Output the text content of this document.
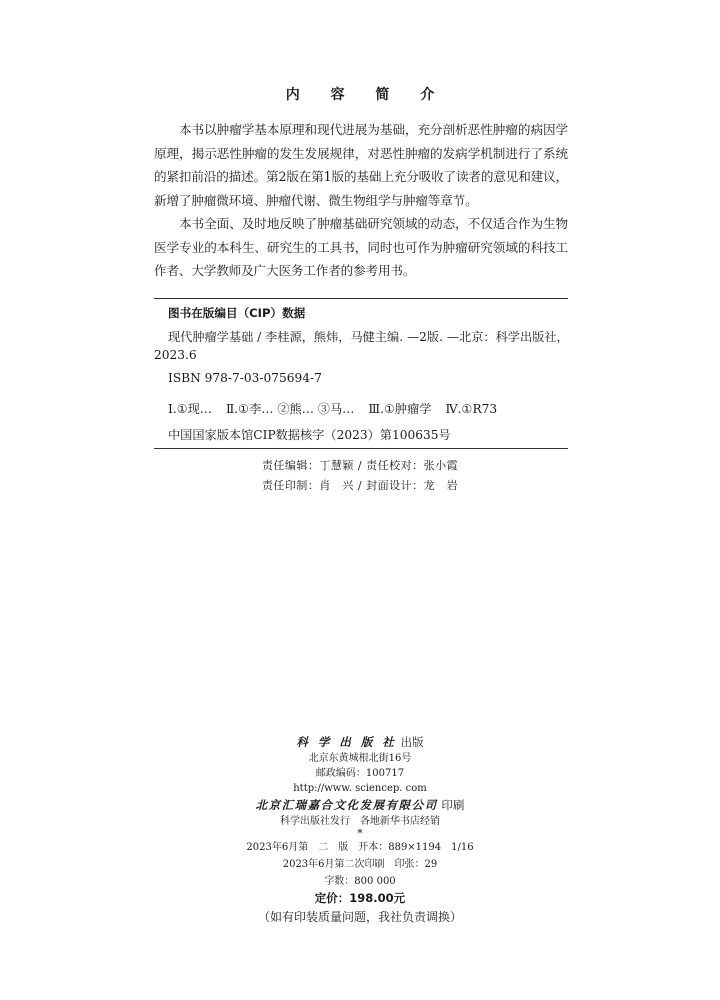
内 容 简 介

本书以肿瘤学基本原理和现代进展为基础，充分剖析恶性肿瘤的病因学原理，揭示恶性肿瘤的发生发展规律，对恶性肿瘤的发病学机制进行了系统的紧扣前沿的描述。第2版在第1版的基础上充分吸收了读者的意见和建议，新增了肿瘤微环境、肿瘤代谢、微生物组学与肿瘤等章节。

本书全面、及时地反映了肿瘤基础研究领域的动态，不仅适合作为生物医学专业的本科生、研究生的工具书，同时也可作为肿瘤研究领域的科技工作者、大学教师及广大医务工作者的参考用书。

图书在版编目（CIP）数据
现代肿瘤学基础 / 李桂源，熊炜，马健主编. —2版. —北京：科学出版社，
2023.6
ISBN 978-7-03-075694-7
Ⅰ.①现… Ⅱ.①李… ②熊… ③马… Ⅲ.①肿瘤学 Ⅳ.①R73
中国国家版本馆CIP数据核字（2023）第100635号
责任编辑：丁慧颖 / 责任校对：张小霞
责任印制：肖　兴 / 封面设计：龙　岩
科 学 出 版 社 出版
北京东黄城根北街16号
邮政编码：100717
http://www. sciencep. com
北京汇瑞嘉合文化发展有限公司 印刷
科学出版社发行　各地新华书店经销
*
2023年6月第　二　版　开本：889×1194　1/16
2023年6月第二次印刷　印张：29
字数：800 000
定价：198.00元
（如有印装质量问题，我社负责调换）
